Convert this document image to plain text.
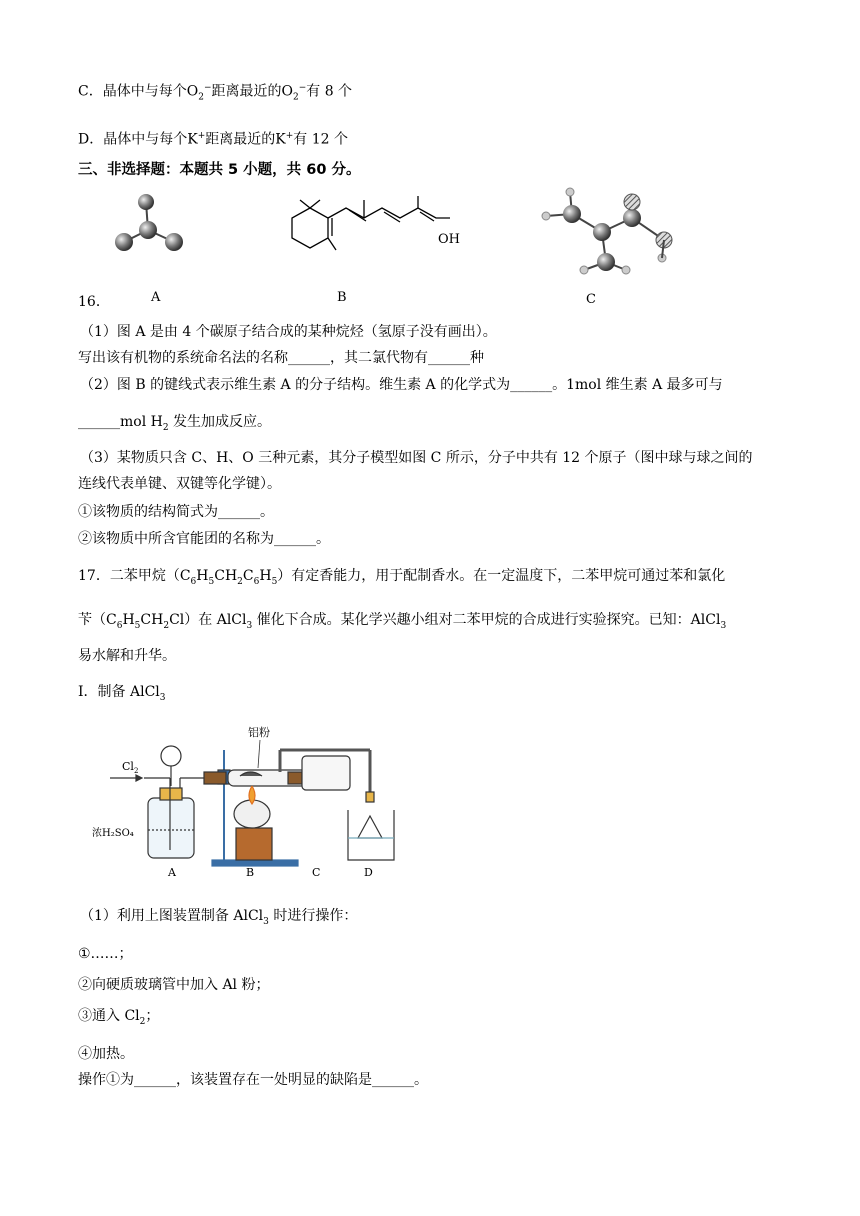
C．晶体中与每个$O_2^-$距离最近的$O_2^-$有 8 个
D．晶体中与每个K+距离最近的K+有 12 个
三、非选择题：本题共 5 小题，共 60 分。
OH
16．	A	B	C
（1）图 A 是由 4 个碳原子结合成的某种烷烃（氢原子没有画出）。
写出该有机物的系统命名法的名称______，其二氯代物有______种
（2）图 B 的键线式表示维生素 A 的分子结构。维生素 A 的化学式为______。1mol 维生素 A 最多可与
______mol $H_2$ 发生加成反应。
（3）某物质只含 C、H、O 三种元素，其分子模型如图 C 所示，分子中共有 12 个原子（图中球与球之间的
连线代表单键、双键等化学键）。
①该物质的结构简式为______。
②该物质中所含官能团的名称为______。
17．二苯甲烷$(C_6H_5CH_2C_6H_5)$有定香能力，用于配制香水。在一定温度下，二苯甲烷可通过苯和氯化
苄$(C_6H_5CH_2Cl)$在 AlCl$_3$ 催化下合成。某化学兴趣小组对二苯甲烷的合成进行实验探究。已知：AlCl$_3$
易水解和升华。
Ⅰ．制备 AlCl$_3$
铝粉
$Cl_2$
浓H₂SO₄
A	B	C	D
（1）利用上图装置制备 AlCl$_3$ 时进行操作：
①……；
②向硬质玻璃管中加入 Al 粉；
③通入 $Cl_2$；
④加热。
操作①为______，该装置存在一处明显的缺陷是______。
